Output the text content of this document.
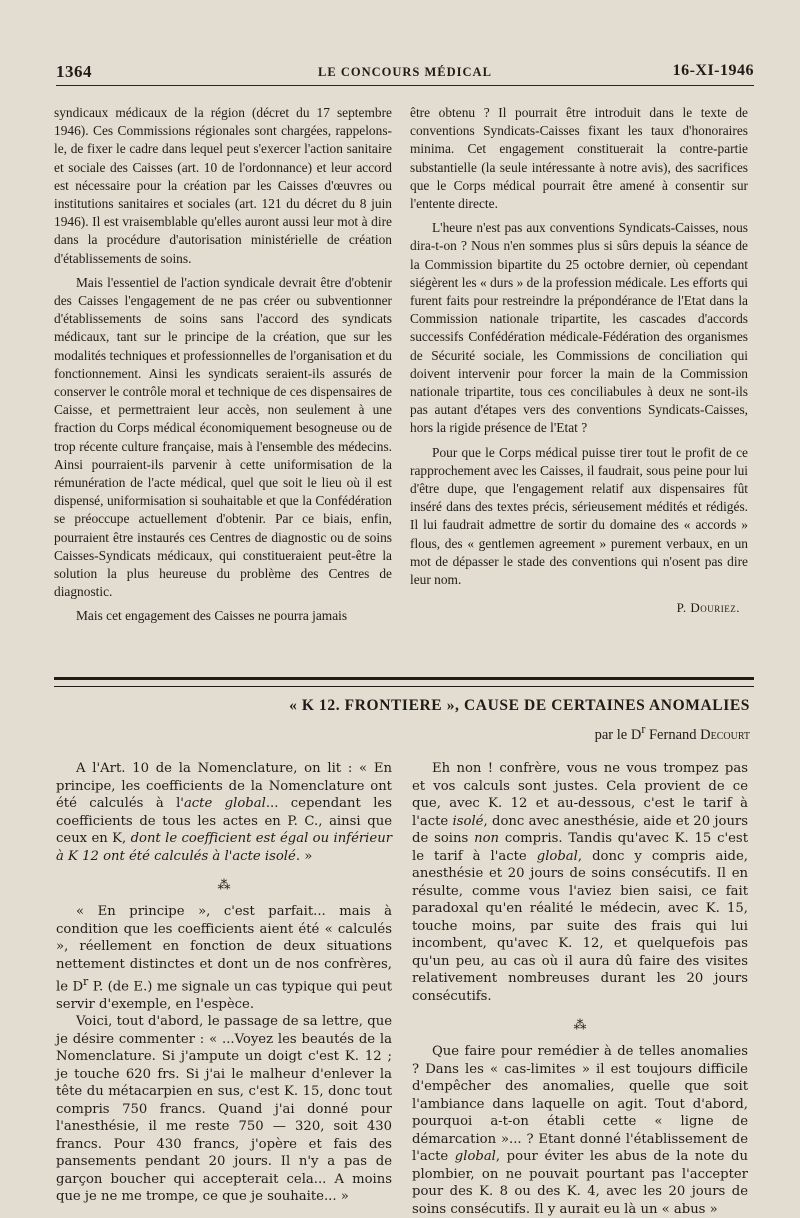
1364	LE CONCOURS MÉDICAL	16-XI-1946

syndicaux médicaux de la région (décret du 17 septembre 1946). Ces Commissions régionales sont chargées, rappelons-le, de fixer le cadre dans lequel peut s'exercer l'action sanitaire et sociale des Caisses (art. 10 de l'ordonnance) et leur accord est nécessaire pour la création par les Caisses d'œuvres ou institutions sanitaires et sociales (art. 121 du décret du 8 juin 1946). Il est vraisemblable qu'elles auront aussi leur mot à dire dans la procédure d'autorisation ministérielle de création d'établissements de soins.

Mais l'essentiel de l'action syndicale devrait être d'obtenir des Caisses l'engagement de ne pas créer ou subventionner d'établissements de soins sans l'accord des syndicats médicaux, tant sur le principe de la création, que sur les modalités techniques et professionnelles de l'organisation et du fonctionnement. Ainsi les syndicats seraient-ils assurés de conserver le contrôle moral et technique de ces dispensaires de Caisse, et permettraient leur accès, non seulement à une fraction du Corps médical économiquement besogneuse ou de trop récente culture française, mais à l'ensemble des médecins. Ainsi pourraient-ils parvenir à cette uniformisation de la rémunération de l'acte médical, quel que soit le lieu où il est dispensé, uniformisation si souhaitable et que la Confédération se préoccupe actuellement d'obtenir. Par ce biais, enfin, pourraient être instaurés ces Centres de diagnostic ou de soins Caisses-Syndicats médicaux, qui constitueraient peut-être la solution la plus heureuse du problème des Centres de diagnostic.

Mais cet engagement des Caisses ne pourra jamais

être obtenu ? Il pourrait être introduit dans le texte de conventions Syndicats-Caisses fixant les taux d'honoraires minima. Cet engagement constituerait la contre-partie substantielle (la seule intéressante à notre avis), des sacrifices que le Corps médical pourrait être amené à consentir sur l'entente directe.

L'heure n'est pas aux conventions Syndicats-Caisses, nous dira-t-on ? Nous n'en sommes plus si sûrs depuis la séance de la Commission bipartite du 25 octobre dernier, où cependant siégèrent les « durs » de la profession médicale. Les efforts qui furent faits pour restreindre la prépondérance de l'Etat dans la Commission nationale tripartite, les cascades d'accords successifs Confédération médicale-Fédération des organismes de Sécurité sociale, les Commissions de conciliation qui doivent intervenir pour forcer la main de la Commission nationale tripartite, tous ces conciliabules à deux ne sont-ils pas autant d'étapes vers des conventions Syndicats-Caisses, hors la rigide présence de l'Etat ?

Pour que le Corps médical puisse tirer tout le profit de ce rapprochement avec les Caisses, il faudrait, sous peine pour lui d'être dupe, que l'engagement relatif aux dispensaires fût inséré dans des textes précis, sérieusement médités et rédigés. Il lui faudrait admettre de sortir du domaine des « accords » flous, des « gentlemen agreement » purement verbaux, en un mot de dépasser le stade des conventions qui n'osent pas dire leur nom.

P. Douriez.

« K 12. FRONTIERE », CAUSE DE CERTAINES ANOMALIES
par le $D^r$ Fernand Decourt

A l'Art. 10 de la Nomenclature, on lit : « En principe, les coefficients de la Nomenclature ont été calculés à l'acte global... cependant les coefficients de tous les actes en P. C., ainsi que ceux en K, dont le coefficient est égal ou inférieur à K 12 ont été calculés à l'acte isolé. »

⁂

« En principe », c'est parfait... mais à condition que les coefficients aient été « calculés », réellement en fonction de deux situations nettement distinctes et dont un de nos confrères, le $D^r$ P. (de E.) me signale un cas typique qui peut servir d'exemple, en l'espèce.

Voici, tout d'abord, le passage de sa lettre, que je désire commenter : « ...Voyez les beautés de la Nomenclature. Si j'ampute un doigt c'est K. 12 ; je touche 620 frs. Si j'ai le malheur d'enlever la tête du métacarpien en sus, c'est K. 15, donc tout compris 750 francs. Quand j'ai donné pour l'anesthésie, il me reste 750 — 320, soit 430 francs. Pour 430 francs, j'opère et fais des pansements pendant 20 jours. Il n'y a pas de garçon boucher qui accepterait cela... A moins que je ne me trompe, ce que je souhaite... »

Eh non ! confrère, vous ne vous trompez pas et vos calculs sont justes. Cela provient de ce que, avec K. 12 et au-dessous, c'est le tarif à l'acte isolé, donc avec anesthésie, aide et 20 jours de soins non compris. Tandis qu'avec K. 15 c'est le tarif à l'acte global, donc y compris aide, anesthésie et 20 jours de soins consécutifs. Il en résulte, comme vous l'aviez bien saisi, ce fait paradoxal qu'en réalité le médecin, avec K. 15, touche moins, par suite des frais qui lui incombent, qu'avec K. 12, et quelquefois pas qu'un peu, au cas où il aura dû faire des visites relativement nombreuses durant les 20 jours consécutifs.

⁂

Que faire pour remédier à de telles anomalies ? Dans les « cas-limites » il est toujours difficile d'empêcher des anomalies, quelle que soit l'ambiance dans laquelle on agit. Tout d'abord, pourquoi a-t-on établi cette « ligne de démarcation »... ? Etant donné l'établissement de l'acte global, pour éviter les abus de la note du plombier, on ne pouvait pourtant pas l'accepter pour des K. 8 ou des K. 4, avec les 20 jours de soins consécutifs. Il y aurait eu là un « abus »
